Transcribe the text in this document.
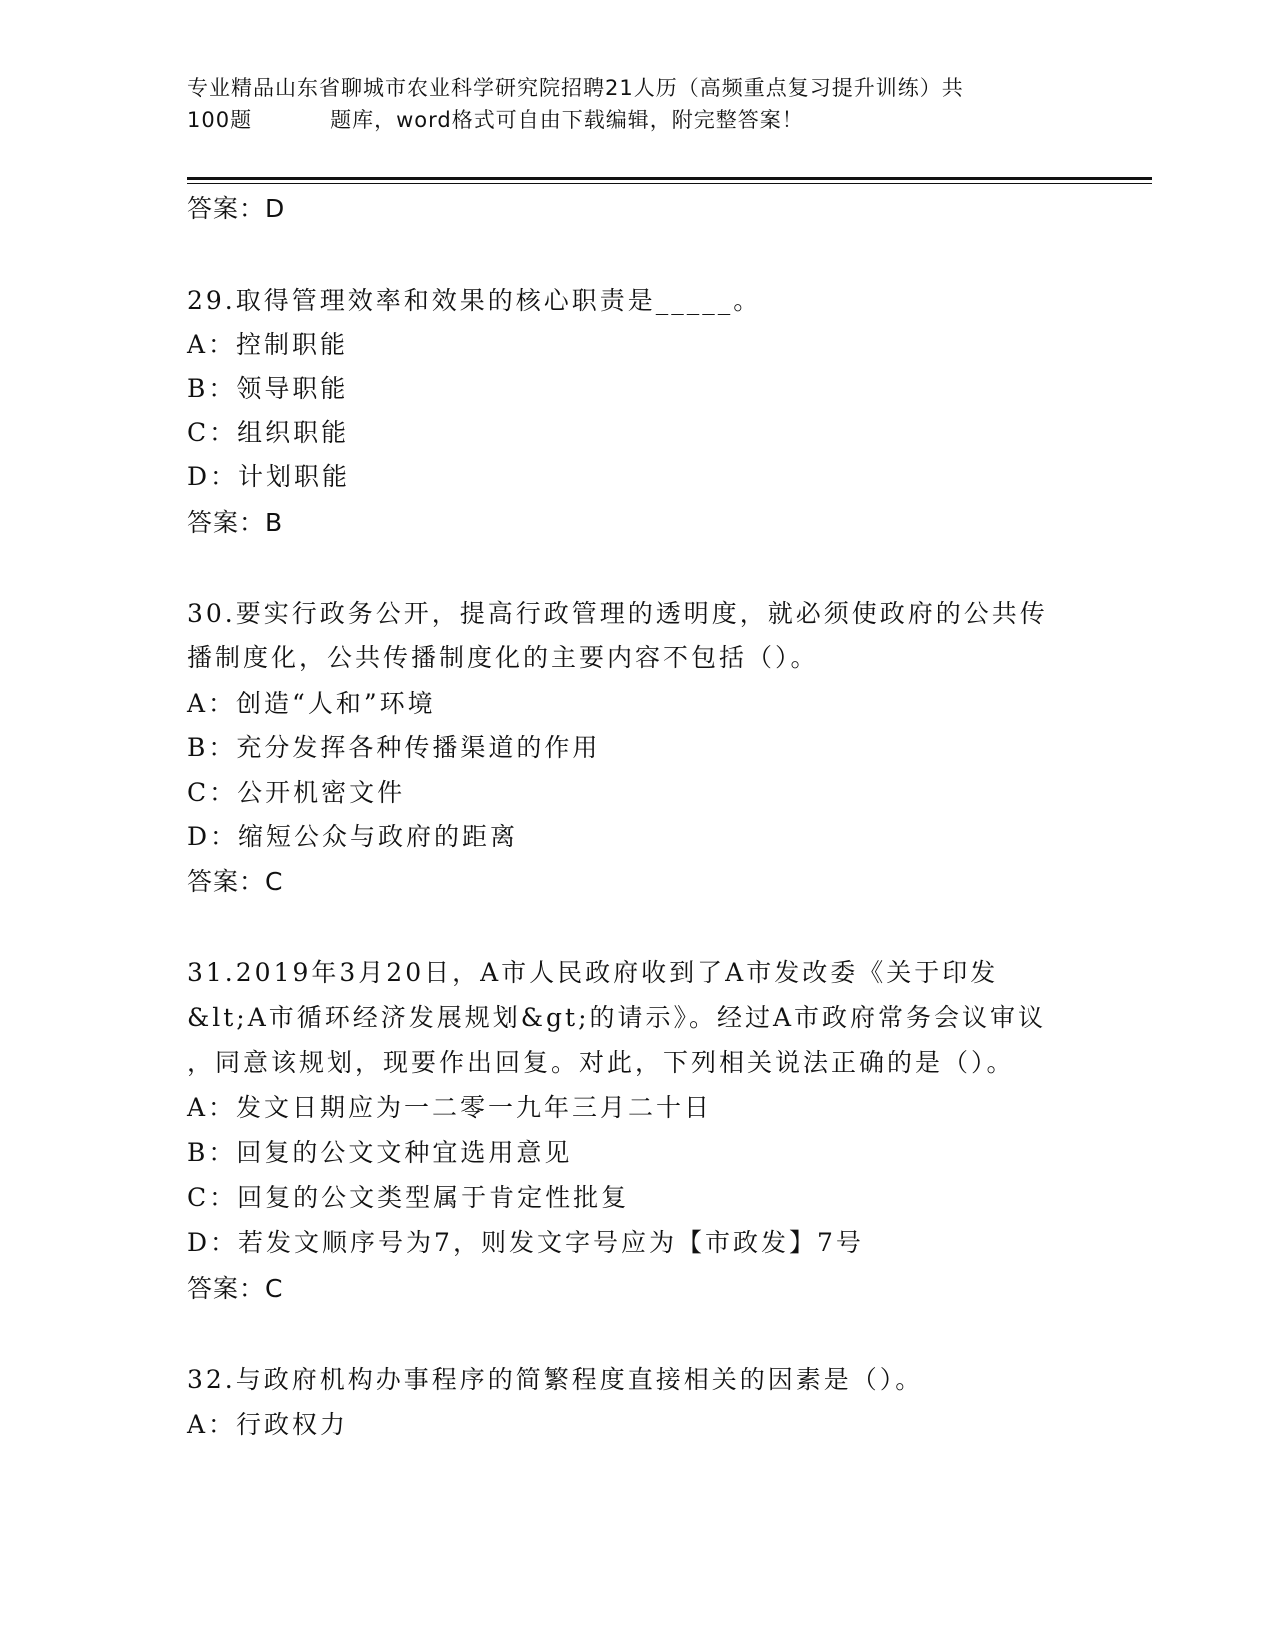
专业精品山东省聊城市农业科学研究院招聘21人历（高频重点复习提升训练）共
100题	题库，word格式可自由下载编辑，附完整答案！
答案：D
29.取得管理效率和效果的核心职责是_____。
A：控制职能
B：领导职能
C：组织职能
D：计划职能
答案：B
30.要实行政务公开，提高行政管理的透明度，就必须使政府的公共传
播制度化，公共传播制度化的主要内容不包括（）。
A：创造“人和”环境
B：充分发挥各种传播渠道的作用
C：公开机密文件
D：缩短公众与政府的距离
答案：C
31.2019年3月20日，A市人民政府收到了A市发改委《关于印发
&lt;A市循环经济发展规划&gt;的请示》。经过A市政府常务会议审议
，同意该规划，现要作出回复。对此，下列相关说法正确的是（）。
A：发文日期应为一二零一九年三月二十日
B：回复的公文文种宜选用意见
C：回复的公文类型属于肯定性批复
D：若发文顺序号为7，则发文字号应为【市政发】7号
答案：C
32.与政府机构办事程序的简繁程度直接相关的因素是（）。
A：行政权力
